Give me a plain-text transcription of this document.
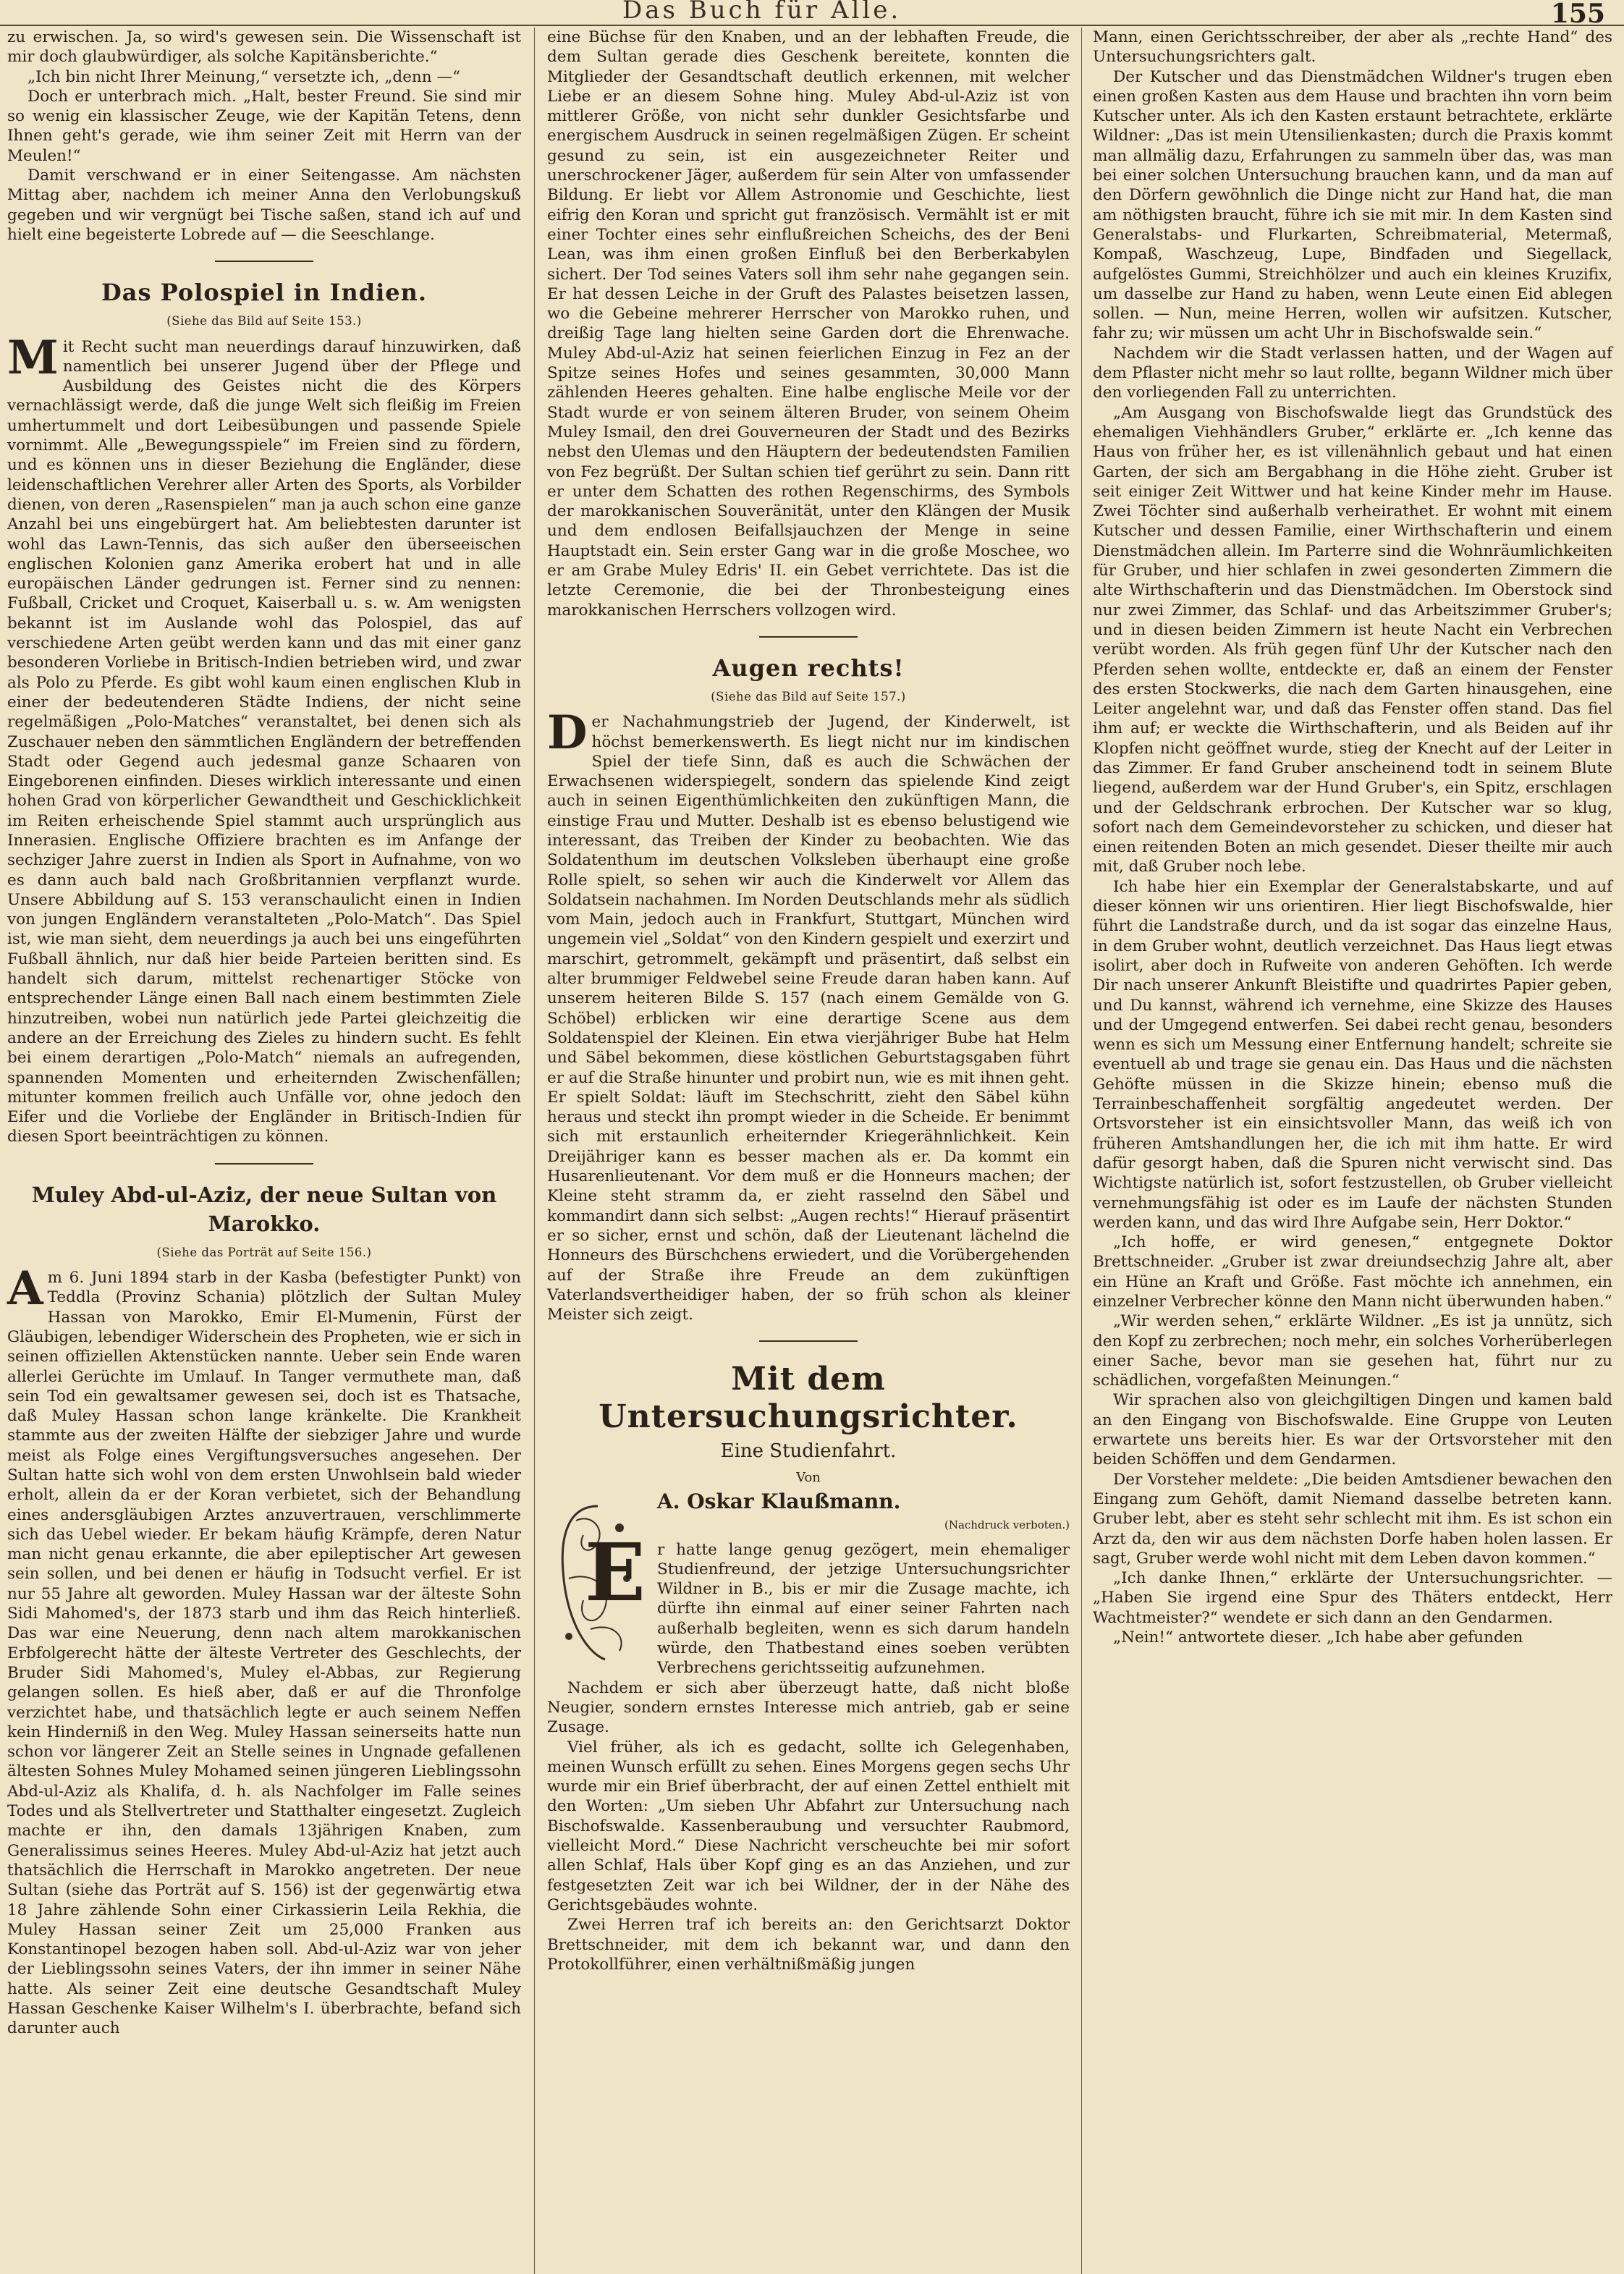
Das Buch für Alle.	155

zu erwischen. Ja, so wird's gewesen sein. Die Wissenschaft ist mir doch glaubwürdiger, als solche Kapitänsberichte.“

„Ich bin nicht Ihrer Meinung,“ versetzte ich, „denn —“

Doch er unterbrach mich. „Halt, bester Freund. Sie sind mir so wenig ein klassischer Zeuge, wie der Kapitän Tetens, denn Ihnen geht's gerade, wie ihm seiner Zeit mit Herrn van der Meulen!“

Damit verschwand er in einer Seitengasse. Am nächsten Mittag aber, nachdem ich meiner Anna den Verlobungskuß gegeben und wir vergnügt bei Tische saßen, stand ich auf und hielt eine begeisterte Lobrede auf — die Seeschlange.

Das Polospiel in Indien.
(Siehe das Bild auf Seite 153.)

Mit Recht sucht man neuerdings darauf hinzuwirken, daß namentlich bei unserer Jugend über der Pflege und Ausbildung des Geistes nicht die des Körpers vernachlässigt werde, daß die junge Welt sich fleißig im Freien umhertummelt und dort Leibesübungen und passende Spiele vornimmt. Alle „Bewegungsspiele“ im Freien sind zu fördern, und es können uns in dieser Beziehung die Engländer, diese leidenschaftlichen Verehrer aller Arten des Sports, als Vorbilder dienen, von deren „Rasenspielen“ man ja auch schon eine ganze Anzahl bei uns eingebürgert hat. Am beliebtesten darunter ist wohl das Lawn-Tennis, das sich außer den überseeischen englischen Kolonien ganz Amerika erobert hat und in alle europäischen Länder gedrungen ist. Ferner sind zu nennen: Fußball, Cricket und Croquet, Kaiserball u. s. w. Am wenigsten bekannt ist im Auslande wohl das Polospiel, das auf verschiedene Arten geübt werden kann und das mit einer ganz besonderen Vorliebe in Britisch-Indien betrieben wird, und zwar als Polo zu Pferde. Es gibt wohl kaum einen englischen Klub in einer der bedeutenderen Städte Indiens, der nicht seine regelmäßigen „Polo-Matches“ veranstaltet, bei denen sich als Zuschauer neben den sämmtlichen Engländern der betreffenden Stadt oder Gegend auch jedesmal ganze Schaaren von Eingeborenen einfinden. Dieses wirklich interessante und einen hohen Grad von körperlicher Gewandtheit und Geschicklichkeit im Reiten erheischende Spiel stammt auch ursprünglich aus Innerasien. Englische Offiziere brachten es im Anfange der sechziger Jahre zuerst in Indien als Sport in Aufnahme, von wo es dann auch bald nach Großbritannien verpflanzt wurde. Unsere Abbildung auf S. 153 veranschaulicht einen in Indien von jungen Engländern veranstalteten „Polo-Match“. Das Spiel ist, wie man sieht, dem neuerdings ja auch bei uns eingeführten Fußball ähnlich, nur daß hier beide Parteien beritten sind. Es handelt sich darum, mittelst rechenartiger Stöcke von entsprechender Länge einen Ball nach einem bestimmten Ziele hinzutreiben, wobei nun natürlich jede Partei gleichzeitig die andere an der Erreichung des Zieles zu hindern sucht. Es fehlt bei einem derartigen „Polo-Match“ niemals an aufregenden, spannenden Momenten und erheiternden Zwischenfällen; mitunter kommen freilich auch Unfälle vor, ohne jedoch den Eifer und die Vorliebe der Engländer in Britisch-Indien für diesen Sport beeinträchtigen zu können.

Muley Abd-ul-Aziz, der neue Sultan von Marokko.
(Siehe das Porträt auf Seite 156.)

Am 6. Juni 1894 starb in der Kasba (befestigter Punkt) von Teddla (Provinz Schania) plötzlich der Sultan Muley Hassan von Marokko, Emir El-Mumenin, Fürst der Gläubigen, lebendiger Widerschein des Propheten, wie er sich in seinen offiziellen Aktenstücken nannte. Ueber sein Ende waren allerlei Gerüchte im Umlauf. In Tanger vermuthete man, daß sein Tod ein gewaltsamer gewesen sei, doch ist es Thatsache, daß Muley Hassan schon lange kränkelte. Die Krankheit stammte aus der zweiten Hälfte der siebziger Jahre und wurde meist als Folge eines Vergiftungsversuches angesehen. Der Sultan hatte sich wohl von dem ersten Unwohlsein bald wieder erholt, allein da er der Koran verbietet, sich der Behandlung eines andersgläubigen Arztes anzuvertrauen, verschlimmerte sich das Uebel wieder. Er bekam häufig Krämpfe, deren Natur man nicht genau erkannte, die aber epileptischer Art gewesen sein sollen, und bei denen er häufig in Todsucht verfiel. Er ist nur 55 Jahre alt geworden. Muley Hassan war der älteste Sohn Sidi Mahomed's, der 1873 starb und ihm das Reich hinterließ. Das war eine Neuerung, denn nach altem marokkanischen Erbfolgerecht hätte der älteste Vertreter des Geschlechts, der Bruder Sidi Mahomed's, Muley el-Abbas, zur Regierung gelangen sollen. Es hieß aber, daß er auf die Thronfolge verzichtet habe, und thatsächlich legte er auch seinem Neffen kein Hinderniß in den Weg. Muley Hassan seinerseits hatte nun schon vor längerer Zeit an Stelle seines in Ungnade gefallenen ältesten Sohnes Muley Mohamed seinen jüngeren Lieblingssohn Abd-ul-Aziz als Khalifa, d. h. als Nachfolger im Falle seines Todes und als Stellvertreter und Statthalter eingesetzt. Zugleich machte er ihn, den damals 13jährigen Knaben, zum Generalissimus seines Heeres. Muley Abd-ul-Aziz hat jetzt auch thatsächlich die Herrschaft in Marokko angetreten. Der neue Sultan (siehe das Porträt auf S. 156) ist der gegenwärtig etwa 18 Jahre zählende Sohn einer Cirkassierin Leila Rekhia, die Muley Hassan seiner Zeit um 25,000 Franken aus Konstantinopel bezogen haben soll. Abd-ul-Aziz war von jeher der Lieblingssohn seines Vaters, der ihn immer in seiner Nähe hatte. Als seiner Zeit eine deutsche Gesandtschaft Muley Hassan Geschenke Kaiser Wilhelm's I. überbrachte, befand sich darunter auch

eine Büchse für den Knaben, und an der lebhaften Freude, die dem Sultan gerade dies Geschenk bereitete, konnten die Mitglieder der Gesandtschaft deutlich erkennen, mit welcher Liebe er an diesem Sohne hing. Muley Abd-ul-Aziz ist von mittlerer Größe, von nicht sehr dunkler Gesichtsfarbe und energischem Ausdruck in seinen regelmäßigen Zügen. Er scheint gesund zu sein, ist ein ausgezeichneter Reiter und unerschrockener Jäger, außerdem für sein Alter von umfassender Bildung. Er liebt vor Allem Astronomie und Geschichte, liest eifrig den Koran und spricht gut französisch. Vermählt ist er mit einer Tochter eines sehr einflußreichen Scheichs, des der Beni Lean, was ihm einen großen Einfluß bei den Berberkabylen sichert. Der Tod seines Vaters soll ihm sehr nahe gegangen sein. Er hat dessen Leiche in der Gruft des Palastes beisetzen lassen, wo die Gebeine mehrerer Herrscher von Marokko ruhen, und dreißig Tage lang hielten seine Garden dort die Ehrenwache. Muley Abd-ul-Aziz hat seinen feierlichen Einzug in Fez an der Spitze seines Hofes und seines gesammten, 30,000 Mann zählenden Heeres gehalten. Eine halbe englische Meile vor der Stadt wurde er von seinem älteren Bruder, von seinem Oheim Muley Ismail, den drei Gouverneuren der Stadt und des Bezirks nebst den Ulemas und den Häuptern der bedeutendsten Familien von Fez begrüßt. Der Sultan schien tief gerührt zu sein. Dann ritt er unter dem Schatten des rothen Regenschirms, des Symbols der marokkanischen Souveränität, unter den Klängen der Musik und dem endlosen Beifallsjauchzen der Menge in seine Hauptstadt ein. Sein erster Gang war in die große Moschee, wo er am Grabe Muley Edris' II. ein Gebet verrichtete. Das ist die letzte Ceremonie, die bei der Thronbesteigung eines marokkanischen Herrschers vollzogen wird.

Augen rechts!
(Siehe das Bild auf Seite 157.)

Der Nachahmungstrieb der Jugend, der Kinderwelt, ist höchst bemerkenswerth. Es liegt nicht nur im kindischen Spiel der tiefe Sinn, daß es auch die Schwächen der Erwachsenen widerspiegelt, sondern das spielende Kind zeigt auch in seinen Eigenthümlichkeiten den zukünftigen Mann, die einstige Frau und Mutter. Deshalb ist es ebenso belustigend wie interessant, das Treiben der Kinder zu beobachten. Wie das Soldatenthum im deutschen Volksleben überhaupt eine große Rolle spielt, so sehen wir auch die Kinderwelt vor Allem das Soldatsein nachahmen. Im Norden Deutschlands mehr als südlich vom Main, jedoch auch in Frankfurt, Stuttgart, München wird ungemein viel „Soldat“ von den Kindern gespielt und exerzirt und marschirt, getrommelt, gekämpft und präsentirt, daß selbst ein alter brummiger Feldwebel seine Freude daran haben kann. Auf unserem heiteren Bilde S. 157 (nach einem Gemälde von G. Schöbel) erblicken wir eine derartige Scene aus dem Soldatenspiel der Kleinen. Ein etwa vierjähriger Bube hat Helm und Säbel bekommen, diese köstlichen Geburtstagsgaben führt er auf die Straße hinunter und probirt nun, wie es mit ihnen geht. Er spielt Soldat: läuft im Stechschritt, zieht den Säbel kühn heraus und steckt ihn prompt wieder in die Scheide. Er benimmt sich mit erstaunlich erheiternder Kriegerähnlichkeit. Kein Dreijähriger kann es besser machen als er. Da kommt ein Husarenlieutenant. Vor dem muß er die Honneurs machen; der Kleine steht stramm da, er zieht rasselnd den Säbel und kommandirt dann sich selbst: „Augen rechts!“ Hierauf präsentirt er so sicher, ernst und schön, daß der Lieutenant lächelnd die Honneurs des Bürschchens erwiedert, und die Vorübergehenden auf der Straße ihre Freude an dem zukünftigen Vaterlandsvertheidiger haben, der so früh schon als kleiner Meister sich zeigt.

Mit dem Untersuchungsrichter.
Eine Studienfahrt.
Von
E
A. Oskar Klaußmann.
(Nachdruck verboten.)

r hatte lange genug gezögert, mein ehemaliger Studienfreund, der jetzige Untersuchungsrichter Wildner in B., bis er mir die Zusage machte, ich dürfte ihn einmal auf einer seiner Fahrten nach außerhalb begleiten, wenn es sich darum handeln würde, den Thatbestand eines soeben verübten Verbrechens gerichtsseitig aufzunehmen.

Nachdem er sich aber überzeugt hatte, daß nicht bloße Neugier, sondern ernstes Interesse mich antrieb, gab er seine Zusage.

Viel früher, als ich es gedacht, sollte ich Gelegenhaben, meinen Wunsch erfüllt zu sehen. Eines Morgens gegen sechs Uhr wurde mir ein Brief überbracht, der auf einen Zettel enthielt mit den Worten: „Um sieben Uhr Abfahrt zur Untersuchung nach Bischofswalde. Kassenberaubung und versuchter Raubmord, vielleicht Mord.“ Diese Nachricht verscheuchte bei mir sofort allen Schlaf, Hals über Kopf ging es an das Anziehen, und zur festgesetzten Zeit war ich bei Wildner, der in der Nähe des Gerichtsgebäudes wohnte.

Zwei Herren traf ich bereits an: den Gerichtsarzt Doktor Brettschneider, mit dem ich bekannt war, und dann den Protokollführer, einen verhältnißmäßig jungen

Mann, einen Gerichtsschreiber, der aber als „rechte Hand“ des Untersuchungsrichters galt.

Der Kutscher und das Dienstmädchen Wildner's trugen eben einen großen Kasten aus dem Hause und brachten ihn vorn beim Kutscher unter. Als ich den Kasten erstaunt betrachtete, erklärte Wildner: „Das ist mein Utensilienkasten; durch die Praxis kommt man allmälig dazu, Erfahrungen zu sammeln über das, was man bei einer solchen Untersuchung brauchen kann, und da man auf den Dörfern gewöhnlich die Dinge nicht zur Hand hat, die man am nöthigsten braucht, führe ich sie mit mir. In dem Kasten sind Generalstabs- und Flurkarten, Schreibmaterial, Metermaß, Kompaß, Waschzeug, Lupe, Bindfaden und Siegellack, aufgelöstes Gummi, Streichhölzer und auch ein kleines Kruzifix, um dasselbe zur Hand zu haben, wenn Leute einen Eid ablegen sollen. — Nun, meine Herren, wollen wir aufsitzen. Kutscher, fahr zu; wir müssen um acht Uhr in Bischofswalde sein.“

Nachdem wir die Stadt verlassen hatten, und der Wagen auf dem Pflaster nicht mehr so laut rollte, begann Wildner mich über den vorliegenden Fall zu unterrichten.

„Am Ausgang von Bischofswalde liegt das Grundstück des ehemaligen Viehhändlers Gruber,“ erklärte er. „Ich kenne das Haus von früher her, es ist villenähnlich gebaut und hat einen Garten, der sich am Bergabhang in die Höhe zieht. Gruber ist seit einiger Zeit Wittwer und hat keine Kinder mehr im Hause. Zwei Töchter sind außerhalb verheirathet. Er wohnt mit einem Kutscher und dessen Familie, einer Wirthschafterin und einem Dienstmädchen allein. Im Parterre sind die Wohnräumlichkeiten für Gruber, und hier schlafen in zwei gesonderten Zimmern die alte Wirthschafterin und das Dienstmädchen. Im Oberstock sind nur zwei Zimmer, das Schlaf- und das Arbeitszimmer Gruber's; und in diesen beiden Zimmern ist heute Nacht ein Verbrechen verübt worden. Als früh gegen fünf Uhr der Kutscher nach den Pferden sehen wollte, entdeckte er, daß an einem der Fenster des ersten Stockwerks, die nach dem Garten hinausgehen, eine Leiter angelehnt war, und daß das Fenster offen stand. Das fiel ihm auf; er weckte die Wirthschafterin, und als Beiden auf ihr Klopfen nicht geöffnet wurde, stieg der Knecht auf der Leiter in das Zimmer. Er fand Gruber anscheinend todt in seinem Blute liegend, außerdem war der Hund Gruber's, ein Spitz, erschlagen und der Geldschrank erbrochen. Der Kutscher war so klug, sofort nach dem Gemeindevorsteher zu schicken, und dieser hat einen reitenden Boten an mich gesendet. Dieser theilte mir auch mit, daß Gruber noch lebe.

Ich habe hier ein Exemplar der Generalstabskarte, und auf dieser können wir uns orientiren. Hier liegt Bischofswalde, hier führt die Landstraße durch, und da ist sogar das einzelne Haus, in dem Gruber wohnt, deutlich verzeichnet. Das Haus liegt etwas isolirt, aber doch in Rufweite von anderen Gehöften. Ich werde Dir nach unserer Ankunft Bleistifte und quadrirtes Papier geben, und Du kannst, während ich vernehme, eine Skizze des Hauses und der Umgegend entwerfen. Sei dabei recht genau, besonders wenn es sich um Messung einer Entfernung handelt; schreite sie eventuell ab und trage sie genau ein. Das Haus und die nächsten Gehöfte müssen in die Skizze hinein; ebenso muß die Terrainbeschaffenheit sorgfältig angedeutet werden. Der Ortsvorsteher ist ein einsichtsvoller Mann, das weiß ich von früheren Amtshandlungen her, die ich mit ihm hatte. Er wird dafür gesorgt haben, daß die Spuren nicht verwischt sind. Das Wichtigste natürlich ist, sofort festzustellen, ob Gruber vielleicht vernehmungsfähig ist oder es im Laufe der nächsten Stunden werden kann, und das wird Ihre Aufgabe sein, Herr Doktor.“

„Ich hoffe, er wird genesen,“ entgegnete Doktor Brettschneider. „Gruber ist zwar dreiundsechzig Jahre alt, aber ein Hüne an Kraft und Größe. Fast möchte ich annehmen, ein einzelner Verbrecher könne den Mann nicht überwunden haben.“

„Wir werden sehen,“ erklärte Wildner. „Es ist ja unnütz, sich den Kopf zu zerbrechen; noch mehr, ein solches Vorherüberlegen einer Sache, bevor man sie gesehen hat, führt nur zu schädlichen, vorgefaßten Meinungen.“

Wir sprachen also von gleichgiltigen Dingen und kamen bald an den Eingang von Bischofswalde. Eine Gruppe von Leuten erwartete uns bereits hier. Es war der Ortsvorsteher mit den beiden Schöffen und dem Gendarmen.

Der Vorsteher meldete: „Die beiden Amtsdiener bewachen den Eingang zum Gehöft, damit Niemand dasselbe betreten kann. Gruber lebt, aber es steht sehr schlecht mit ihm. Es ist schon ein Arzt da, den wir aus dem nächsten Dorfe haben holen lassen. Er sagt, Gruber werde wohl nicht mit dem Leben davon kommen.“

„Ich danke Ihnen,“ erklärte der Untersuchungsrichter. — „Haben Sie irgend eine Spur des Thäters entdeckt, Herr Wachtmeister?“ wendete er sich dann an den Gendarmen.

„Nein!“ antwortete dieser. „Ich habe aber gefunden
